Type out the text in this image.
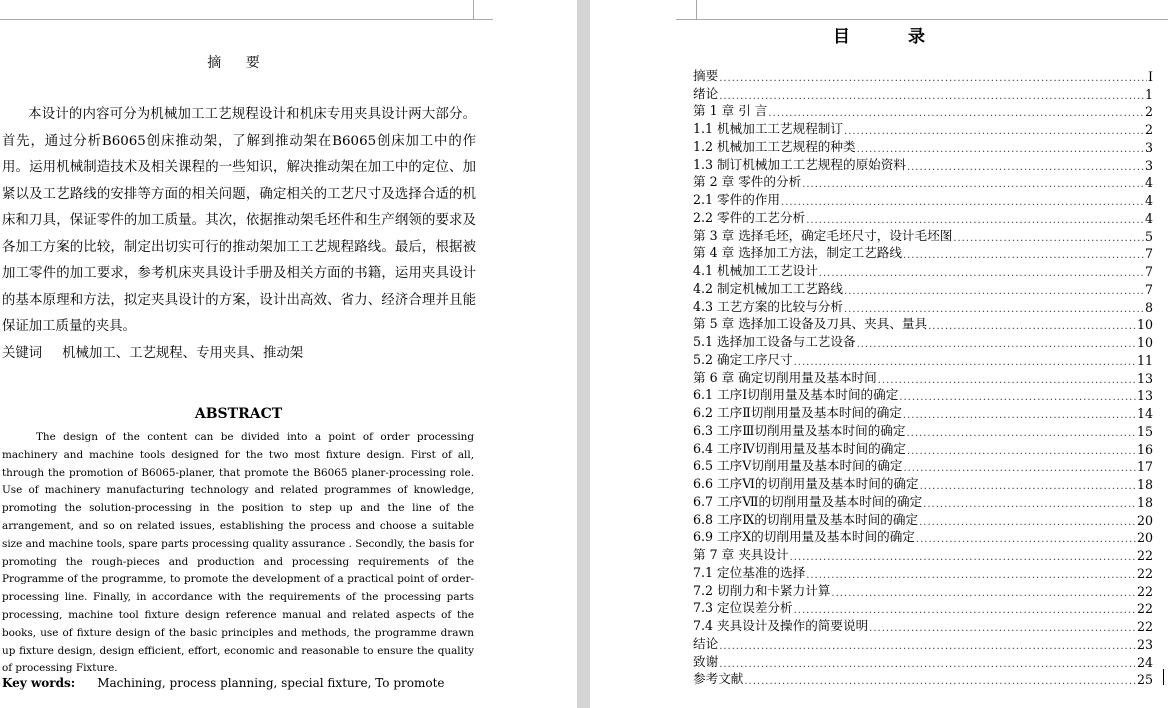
摘 要
本设计的内容可分为机械加工工艺规程设计和机床专用夹具设计两大部分。首先，通过分析B6065创床推动架，了解到推动架在B6065创床加工中的作用。运用机械制造技术及相关课程的一些知识，解决推动架在加工中的定位、加紧以及工艺路线的安排等方面的相关问题，确定相关的工艺尺寸及选择合适的机床和刀具，保证零件的加工质量。其次，依据推动架毛坯件和生产纲领的要求及各加工方案的比较，制定出切实可行的推动架加工工艺规程路线。最后，根据被加工零件的加工要求，参考机床夹具设计手册及相关方面的书籍，运用夹具设计的基本原理和方法，拟定夹具设计的方案，设计出高效、省力、经济合理并且能保证加工质量的夹具。
关键词 机械加工、工艺规程、专用夹具、推动架
ABSTRACT
The design of the content can be divided into a point of order processing machinery and machine tools designed for the two most fixture design. First of all, through the promotion of B6065-planer, that promote the B6065 planer-processing role. Use of machinery manufacturing technology and related programmes of knowledge, promoting the solution-processing in the position to step up and the line of the arrangement, and so on related issues, establishing the process and choose a suitable size and machine tools, spare parts processing quality assurance . Secondly, the basis for promoting the rough-pieces and production and processing requirements of the Programme of the programme, to promote the development of a practical point of order-processing line. Finally, in accordance with the requirements of the processing parts processing, machine tool fixture design reference manual and related aspects of the books, use of fixture design of the basic principles and methods, the programme drawn up fixture design, design efficient, effort, economic and reasonable to ensure the quality of processing Fixture.
Key words: Machining, process planning, special fixture, To promote
目 录
摘要 .....	I
绪论 .....	1
第 1 章 引 言 .....	2
1.1 机械加工工艺规程制订 .....	2
1.2 机械加工工艺规程的种类 .....	3
1.3 制订机械加工工艺规程的原始资料 .....	3
第 2 章 零件的分析 .....	4
2.1 零件的作用 .....	4
2.2 零件的工艺分析 .....	4
第 3 章 选择毛坯，确定毛坯尺寸，设计毛坯图 .....	5
第 4 章 选择加工方法，制定工艺路线 .....	7
4.1 机械加工工艺设计 .....	7
4.2 制定机械加工工艺路线 .....	7
4.3 工艺方案的比较与分析 .....	8
第 5 章 选择加工设备及刀具、夹具、量具 .....	10
5.1 选择加工设备与工艺设备 .....	10
5.2 确定工序尺寸 .....	11
第 6 章 确定切削用量及基本时间 .....	13
6.1 工序Ⅰ切削用量及基本时间的确定 .....	13
6.2 工序Ⅱ切削用量及基本时间的确定 .....	14
6.3 工序Ⅲ切削用量及基本时间的确定 .....	15
6.4 工序Ⅳ切削用量及基本时间的确定 .....	16
6.5 工序Ⅴ切削用量及基本时间的确定 .....	17
6.6 工序Ⅵ的切削用量及基本时间的确定 .....	18
6.7 工序Ⅶ的切削用量及基本时间的确定 .....	18
6.8 工序Ⅸ的切削用量及基本时间的确定 .....	20
6.9 工序Ⅹ的切削用量及基本时间的确定 .....	20
第 7 章 夹具设计 .....	22
7.1 定位基准的选择 .....	22
7.2 切削力和卡紧力计算 .....	22
7.3 定位误差分析 .....	22
7.4 夹具设计及操作的简要说明 .....	22
结论 .....	23
致谢 .....	24
参考文献 .....	25
